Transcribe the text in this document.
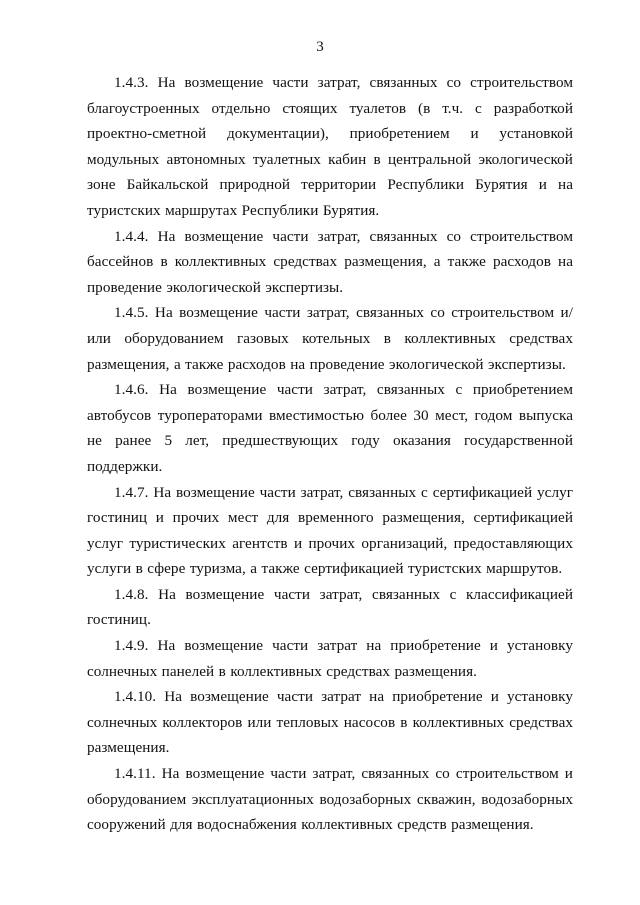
3

1.4.3. На возмещение части затрат, связанных со строительством благоустроенных отдельно стоящих туалетов (в т.ч. с разработкой проектно-сметной документации), приобретением и установкой модульных автономных туалетных кабин в центральной экологической зоне Байкальской природной территории Республики Бурятия и на туристских маршрутах Республики Бурятия.

1.4.4. На возмещение части затрат, связанных со строительством бассейнов в коллективных средствах размещения, а также расходов на проведение экологической экспертизы.

1.4.5. На возмещение части затрат, связанных со строительством и/или оборудованием газовых котельных в коллективных средствах размещения, а также расходов на проведение экологической экспертизы.

1.4.6. На возмещение части затрат, связанных с приобретением автобусов туроператорами вместимостью более 30 мест, годом выпуска не ранее 5 лет, предшествующих году оказания государственной поддержки.

1.4.7. На возмещение части затрат, связанных с сертификацией услуг гостиниц и прочих мест для временного размещения, сертификацией услуг туристических агентств и прочих организаций, предоставляющих услуги в сфере туризма, а также сертификацией туристских маршрутов.

1.4.8. На возмещение части затрат, связанных с классификацией гостиниц.

1.4.9. На возмещение части затрат на приобретение и установку солнечных панелей в коллективных средствах размещения.

1.4.10. На возмещение части затрат на приобретение и установку солнечных коллекторов или тепловых насосов в коллективных средствах размещения.

1.4.11. На возмещение части затрат, связанных со строительством и оборудованием эксплуатационных водозаборных скважин, водозаборных сооружений для водоснабжения коллективных средств размещения.
